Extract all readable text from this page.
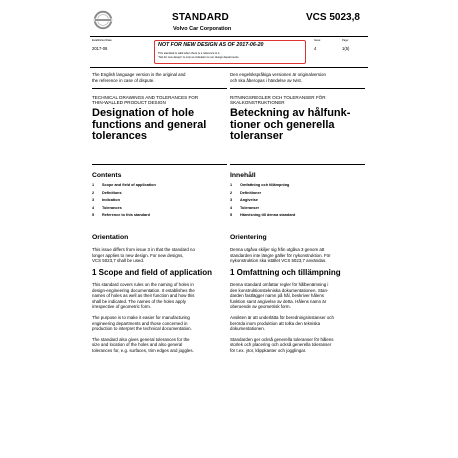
STANDARD	VCS 5023,8
Volvo Car Corporation
Established Date:
2017-06
NOT FOR NEW DESIGN AS OF 2017-06-20
This standard is valid when there is a reference to it.
"Not for new design" is only an indication to our design departments.
Issue:
4
Page:
1(5)
The English language version is the original and
the reference in case of dispute.
Den engelskspråkiga versionen är originalversion
och ska åberopas i händelse av tvist.
TECHNICAL DRAWINGS AND TOLERANCES FOR
THIN-WALLED PRODUCT DESIGN
Designation of hole
functions and general
tolerances
Contents
1 Scope and field of application
2 Definitions
3 Indication
4 Tolerances
5 Reference to this standard
Orientation
This issue differs from issue 3 in that the standard no
longer applies to new design. For new designs,
VCS 5023,7 shall be used.
1 Scope and field of application
This standard covers rules on the naming of holes in
design-engineering documentation. It establishes the
names of holes as well as their function and how this
shall be indicated. The names of the holes apply
irrespective of geometric form.
The purpose is to make it easier for manufacturing
engineering departments and those concerned in
production to interpret the technical documentation.
The standard also gives general tolerances for the
size and location of the holes and also general
tolerances for, e.g. surfaces, trim edges and joggles.
RITNINGSREGLER OCH TOLERANSER FÖR
SKALKONSTRUKTIONER
Beteckning av hålfunk-
tioner och generella
toleranser
Innehåll
1 Omfattning och tillämpning
2 Definitioner
3 Angivelse
4 Toleranser
5 Hänvisning till denna standard
Orientering
Denna utgåva skiljer sig från utgåva 3 genom att
standarden inte längre gäller för nykonstruktion. För
nykonstruktion ska istället VCS 5023,7 användas.
1 Omfattning och tillämpning
Denna standard omfattar regler för hålbenämning i
den konstruktionstekniska dokumentationen. Stan-
darden fastlägger namn på hål, beskriver hålens
funktion samt angivelse av detta. Hålens namn är
oberoende av geometrisk form.
Avsikten är att underlätta för beredningsinstanser och
berörda inom produktion att tolka den tekniska
dokumentationen.
Standarden ger också generella toleranser för hålens
storlek och placering och också generella toleranser
för t.ex. ytor, klippkanter och jogglingar.
